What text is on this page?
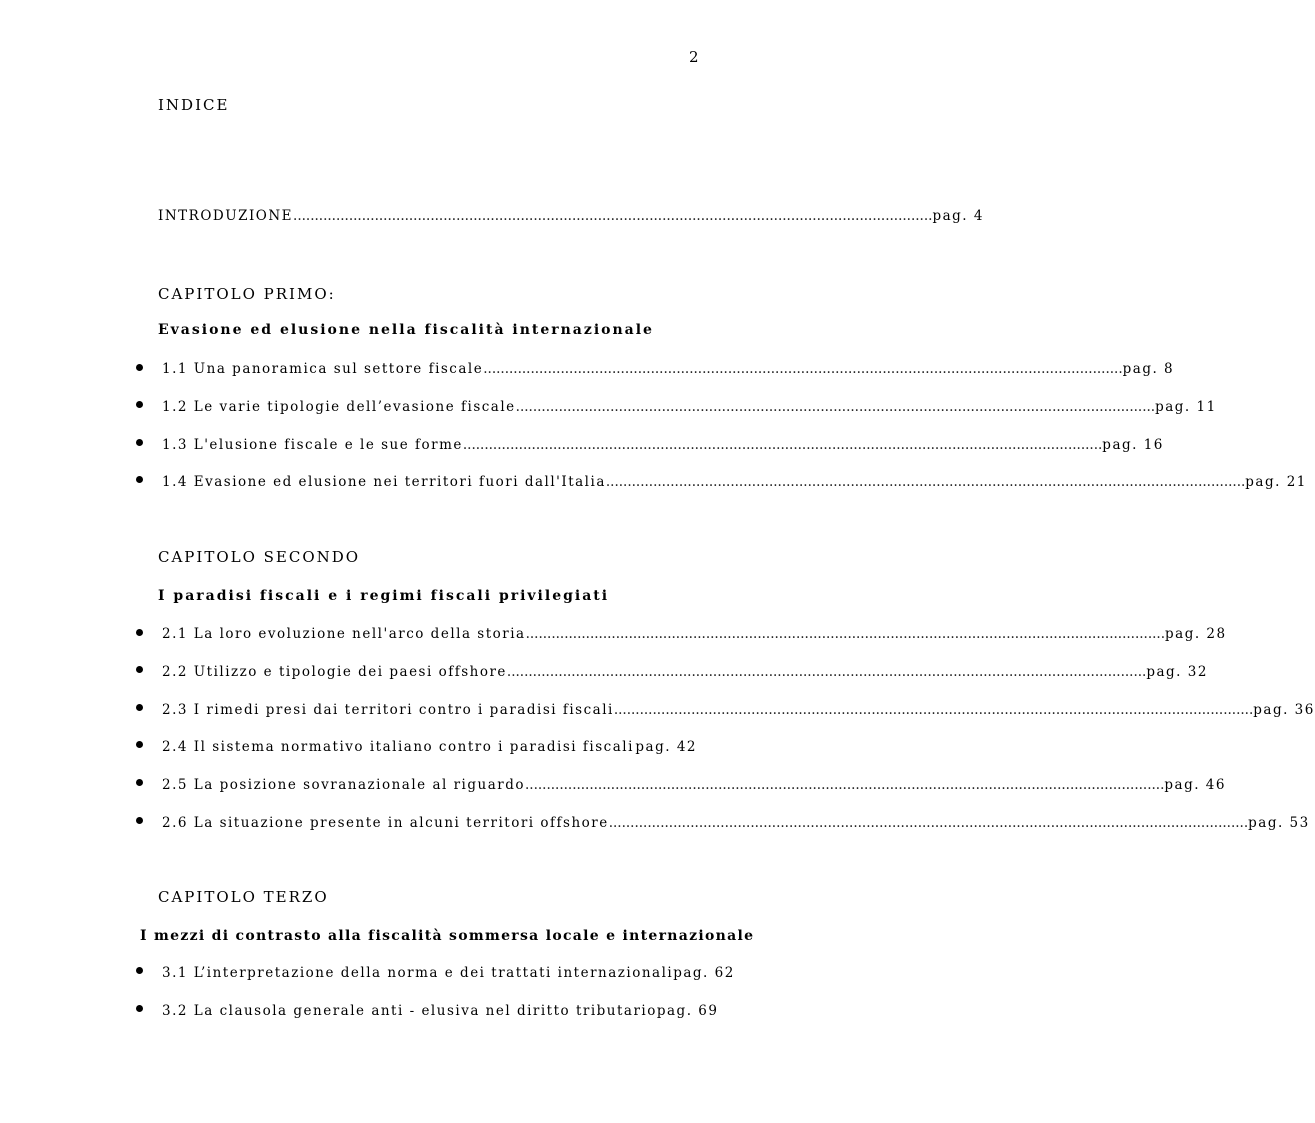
2
INDICE
INTRODUZIONE ..................................................................................................................................................... pag. 4
CAPITOLO PRIMO:
Evasione ed elusione nella fiscalità internazionale
1.1 Una panoramica sul settore fiscale ..................................................................................................................................................... pag. 8
1.2 Le varie tipologie dell’evasione fiscale ..................................................................................................................................................... pag. 11
1.3 L'elusione fiscale e le sue forme ..................................................................................................................................................... pag. 16
1.4 Evasione ed elusione nei territori fuori dall'Italia ..................................................................................................................................................... pag. 21
CAPITOLO SECONDO
I paradisi fiscali e i regimi fiscali privilegiati
2.1 La loro evoluzione nell'arco della storia ..................................................................................................................................................... pag. 28
2.2 Utilizzo e tipologie dei paesi offshore ..................................................................................................................................................... pag. 32
2.3 I rimedi presi dai territori contro i paradisi fiscali ..................................................................................................................................................... pag. 36
2.4 Il sistema normativo italiano contro i paradisi fiscali pag. 42
2.5 La posizione sovranazionale al riguardo ..................................................................................................................................................... pag. 46
2.6 La situazione presente in alcuni territori offshore ..................................................................................................................................................... pag. 53
CAPITOLO TERZO
I mezzi di contrasto alla fiscalità sommersa locale e internazionale
3.1 L’interpretazione della norma e dei trattati internazionali pag. 62
3.2 La clausola generale anti - elusiva nel diritto tributario pag. 69
